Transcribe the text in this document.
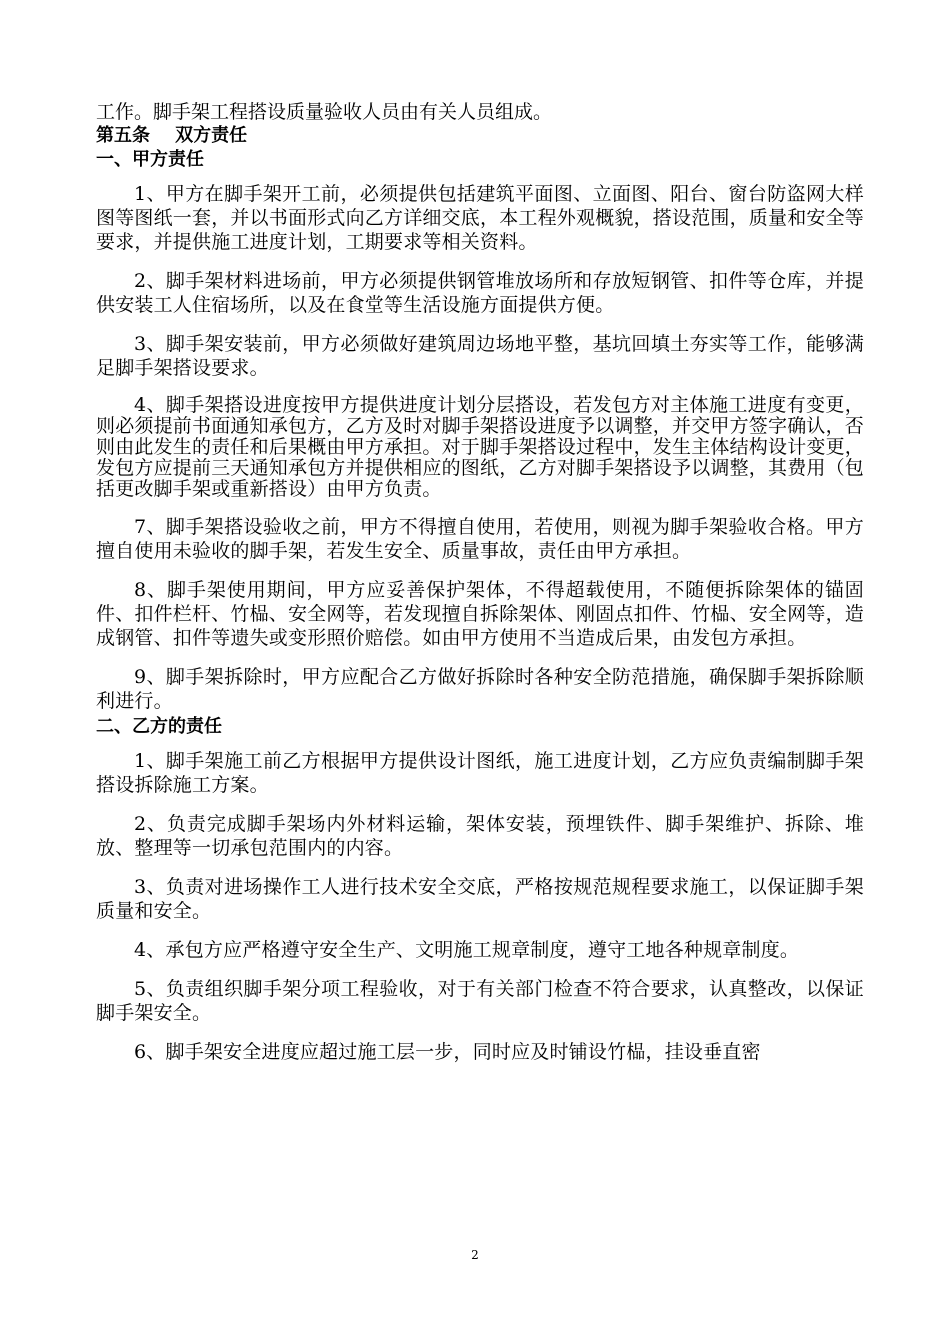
工作。脚手架工程搭设质量验收人员由有关人员组成。
第五条    双方责任
一、甲方责任
1、甲方在脚手架开工前，必须提供包括建筑平面图、立面图、阳台、窗台防盗网大样图等图纸一套，并以书面形式向乙方详细交底，本工程外观概貌，搭设范围，质量和安全等要求，并提供施工进度计划，工期要求等相关资料。
2、脚手架材料进场前，甲方必须提供钢管堆放场所和存放短钢管、扣件等仓库，并提供安装工人住宿场所，以及在食堂等生活设施方面提供方便。
3、脚手架安装前，甲方必须做好建筑周边场地平整，基坑回填土夯实等工作，能够满足脚手架搭设要求。
4、脚手架搭设进度按甲方提供进度计划分层搭设，若发包方对主体施工进度有变更，则必须提前书面通知承包方，乙方及时对脚手架搭设进度予以调整，并交甲方签字确认，否则由此发生的责任和后果概由甲方承担。对于脚手架搭设过程中，发生主体结构设计变更，发包方应提前三天通知承包方并提供相应的图纸，乙方对脚手架搭设予以调整，其费用（包括更改脚手架或重新搭设）由甲方负责。
7、脚手架搭设验收之前，甲方不得擅自使用，若使用，则视为脚手架验收合格。甲方擅自使用未验收的脚手架，若发生安全、质量事故，责任由甲方承担。
8、脚手架使用期间，甲方应妥善保护架体，不得超载使用，不随便拆除架体的锚固件、扣件栏杆、竹榀、安全网等，若发现擅自拆除架体、刚固点扣件、竹榀、安全网等，造成钢管、扣件等遗失或变形照价赔偿。如由甲方使用不当造成后果，由发包方承担。
9、脚手架拆除时，甲方应配合乙方做好拆除时各种安全防范措施，确保脚手架拆除顺利进行。
二、乙方的责任
1、脚手架施工前乙方根据甲方提供设计图纸，施工进度计划，乙方应负责编制脚手架搭设拆除施工方案。
2、负责完成脚手架场内外材料运输，架体安装，预埋铁件、脚手架维护、拆除、堆放、整理等一切承包范围内的内容。
3、负责对进场操作工人进行技术安全交底，严格按规范规程要求施工，以保证脚手架质量和安全。
4、承包方应严格遵守安全生产、文明施工规章制度，遵守工地各种规章制度。
5、负责组织脚手架分项工程验收，对于有关部门检查不符合要求，认真整改，以保证脚手架安全。
6、脚手架安全进度应超过施工层一步，同时应及时铺设竹榀，挂设垂直密
2
